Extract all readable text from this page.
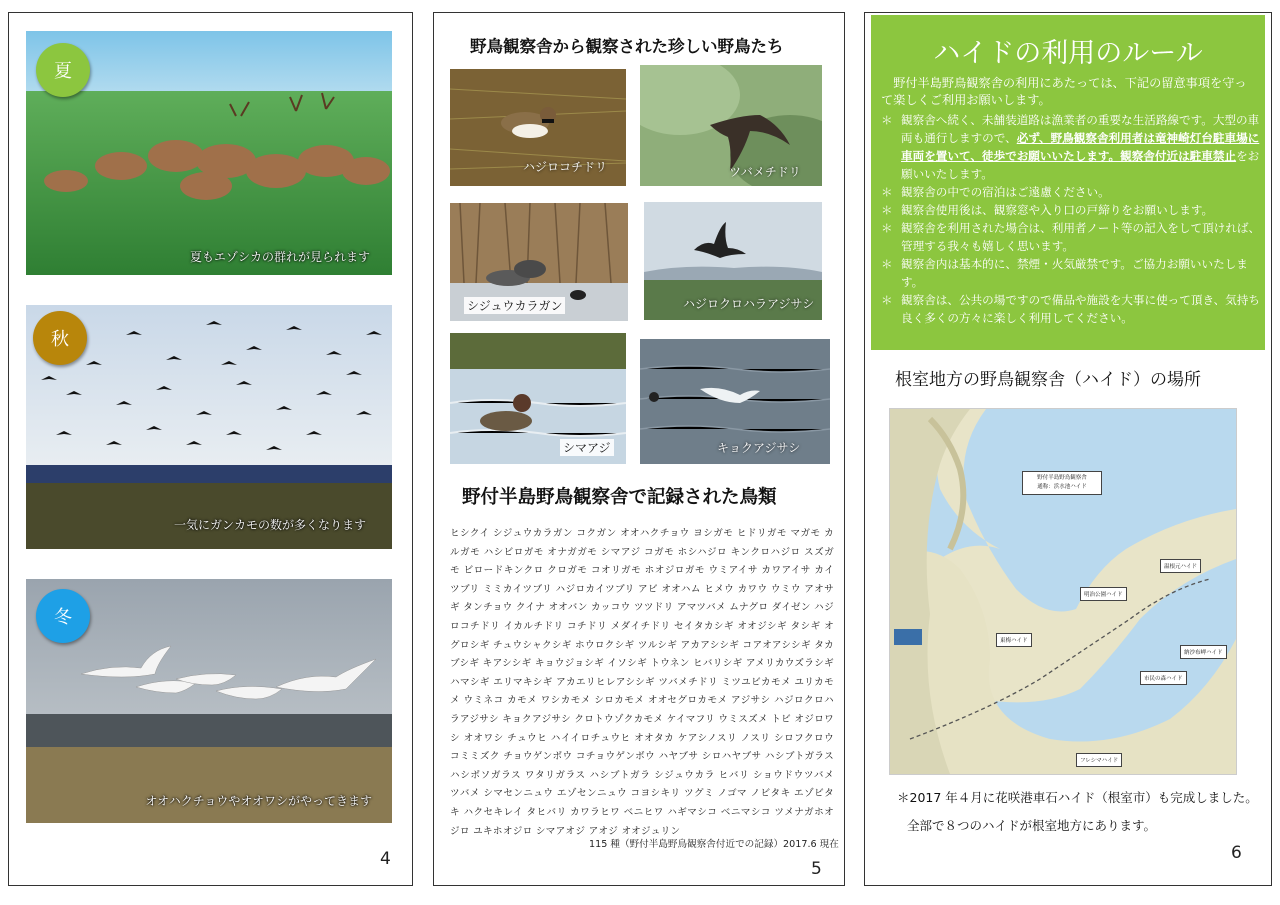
夏
夏もエゾシカの群れが見られます
秋
一気にガンカモの数が多くなります
冬
オオハクチョウやオオワシがやってきます
4
野鳥観察舎から観察された珍しい野鳥たち
ハジロコチドリ	ツバメチドリ
シジュウカラガン	ハジロクロハラアジサシ
シマアジ	キョクアジサシ
野付半島野鳥観察舎で記録された鳥類
ヒシクイ シジュウカラガン コクガン オオハクチョウ ヨシガモ ヒドリガモ マガモ カルガモ ハシビロガモ オナガガモ シマアジ コガモ ホシハジロ キンクロハジロ スズガモ ビロードキンクロ クロガモ コオリガモ ホオジロガモ ウミアイサ カワアイサ カイツブリ ミミカイツブリ ハジロカイツブリ アビ オオハム ヒメウ カワウ ウミウ アオサギ タンチョウ クイナ オオバン カッコウ ツツドリ アマツバメ ムナグロ ダイゼン ハジロコチドリ イカルチドリ コチドリ メダイチドリ セイタカシギ オオジシギ タシギ オグロシギ チュウシャクシギ ホウロクシギ ツルシギ アカアシシギ コアオアシシギ タカブシギ キアシシギ キョウジョシギ イソシギ トウネン ヒバリシギ アメリカウズラシギ ハマシギ エリマキシギ アカエリヒレアシシギ ツバメチドリ ミツユビカモメ ユリカモメ ウミネコ カモメ ワシカモメ シロカモメ オオセグロカモメ アジサシ ハジロクロハラアジサシ キョクアジサシ クロトウゾクカモメ ケイマフリ ウミスズメ トビ オジロワシ オオワシ チュウヒ ハイイロチュウヒ オオタカ ケアシノスリ ノスリ シロフクロウ コミミズク チョウゲンボウ コチョウゲンボウ ハヤブサ シロハヤブサ ハシブトガラス ハシボソガラス ワタリガラス ハシブトガラ シジュウカラ ヒバリ ショウドウツバメ ツバメ シマセンニュウ エゾセンニュウ コヨシキリ ツグミ ノゴマ ノビタキ エゾビタキ ハクセキレイ タヒバリ カワラヒワ ベニヒワ ハギマシコ ベニマシコ ツメナガホオジロ ユキホオジロ シマアオジ アオジ オオジュリン
115 種（野付半島野鳥観察舎付近での記録）2017.6 現在
5
ハイドの利用のルール
 野付半島野鳥観察舎の利用にあたっては、下記の留意事項を守って楽しくご利用お願いします。
＊ 観察舎へ続く、未舗装道路は漁業者の重要な生活路線です。大型の車両も通行しますので、必ず、野鳥観察舎利用者は竜神崎灯台駐車場に車両を置いて、徒歩でお願いいたします。観察舎付近は駐車禁止をお願いいたします。
＊ 観察舎の中での宿泊はご遠慮ください。
＊ 観察舎使用後は、観察窓や入り口の戸締りをお願いします。
＊ 観察舎を利用された場合は、利用者ノート等の記入をして頂ければ、管理する我々も嬉しく思います。
＊ 観察舎内は基本的に、禁煙・火気厳禁です。ご協力お願いいたします。
＊ 観察舎は、公共の場ですので備品や施設を大事に使って頂き、気持ち良く多くの方々に楽しく利用してください。
根室地方の野鳥観察舎（ハイド）の場所
野付半島野鳥観察舎
通称：浜水池ハイド
温根元ハイド
明治公園ハイド
東梅ハイド
市民の森ハイド
納沙布岬ハイド
フレシマハイド
＊2017 年４月に花咲港車石ハイド（根室市）も完成しました。
全部で８つのハイドが根室地方にあります。
6
